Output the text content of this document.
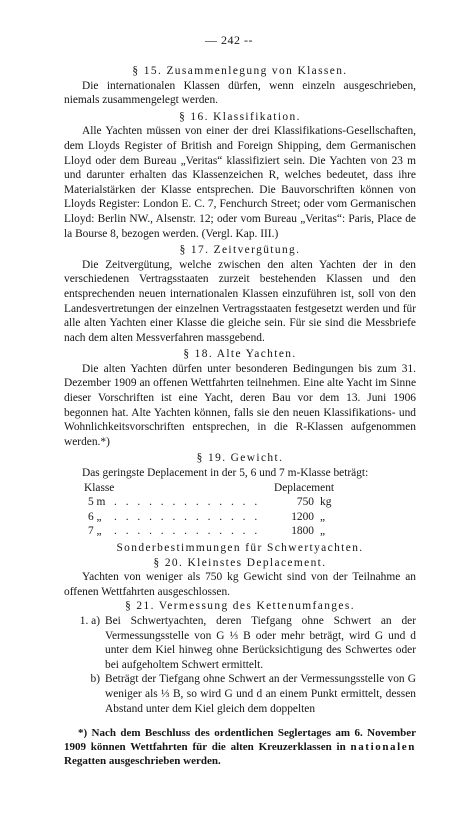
— 242 --

§ 15. Zusammenlegung von Klassen.

Die internationalen Klassen dürfen, wenn einzeln ausgeschrieben, niemals zusammengelegt werden.

§ 16. Klassifikation.

Alle Yachten müssen von einer der drei Klassifikations-Gesellschaften, dem Lloyds Register of British and Foreign Shipping, dem Germanischen Lloyd oder dem Bureau „Veritas“ klassifiziert sein. Die Yachten von 23 m und darunter erhalten das Klassenzeichen R, welches bedeutet, dass ihre Materialstärken der Klasse entsprechen. Die Bauvorschriften können von Lloyds Register: London E. C. 7, Fenchurch Street; oder vom Germanischen Lloyd: Berlin NW., Alsenstr. 12; oder vom Bureau „Veritas“: Paris, Place de la Bourse 8, bezogen werden. (Vergl. Kap. III.)

§ 17. Zeitvergütung.

Die Zeitvergütung, welche zwischen den alten Yachten der in den verschiedenen Vertragsstaaten zurzeit bestehenden Klassen und den entsprechenden neuen internationalen Klassen einzuführen ist, soll von den Landesvertretungen der einzelnen Vertragsstaaten festgesetzt werden und für alle alten Yachten einer Klasse die gleiche sein. Für sie sind die Messbriefe nach dem alten Messverfahren massgebend.

§ 18. Alte Yachten.

Die alten Yachten dürfen unter besonderen Bedingungen bis zum 31. Dezember 1909 an offenen Wettfahrten teilnehmen. Eine alte Yacht im Sinne dieser Vorschriften ist eine Yacht, deren Bau vor dem 13. Juni 1906 begonnen hat. Alte Yachten können, falls sie den neuen Klassifikations- und Wohnlichkeitsvorschriften entsprechen, in die R-Klassen aufgenommen werden.*)

§ 19. Gewicht.

Das geringste Deplacement in der 5, 6 und 7 m-Klasse beträgt:

Klasse	Deplacement
5 m . . . . . . . . . . . . .	750 kg
6 „	. . . . . . . . . . . . .	1200 „
7 „	. . . . . . . . . . . . .	1800 „

Sonderbestimmungen für Schwertyachten.

§ 20. Kleinstes Deplacement.

Yachten von weniger als 750 kg Gewicht sind von der Teilnahme an offenen Wettfahrten ausgeschlossen.

§ 21. Vermessung des Kettenumfanges.

1. a) Bei Schwertyachten, deren Tiefgang ohne Schwert an der Vermessungsstelle von G ⅓ B oder mehr beträgt, wird G und d unter dem Kiel hinweg ohne Berücksichtigung des Schwertes oder bei aufgeholtem Schwert ermittelt.
b) Beträgt der Tiefgang ohne Schwert an der Vermessungsstelle von G weniger als ⅓ B, so wird G und d an einem Punkt ermittelt, dessen Abstand unter dem Kiel gleich dem doppelten

*) Nach dem Beschluss des ordentlichen Seglertages am 6. November 1909 können Wettfahrten für die alten Kreuzerklassen in nationalen Regatten ausgeschrieben werden.
